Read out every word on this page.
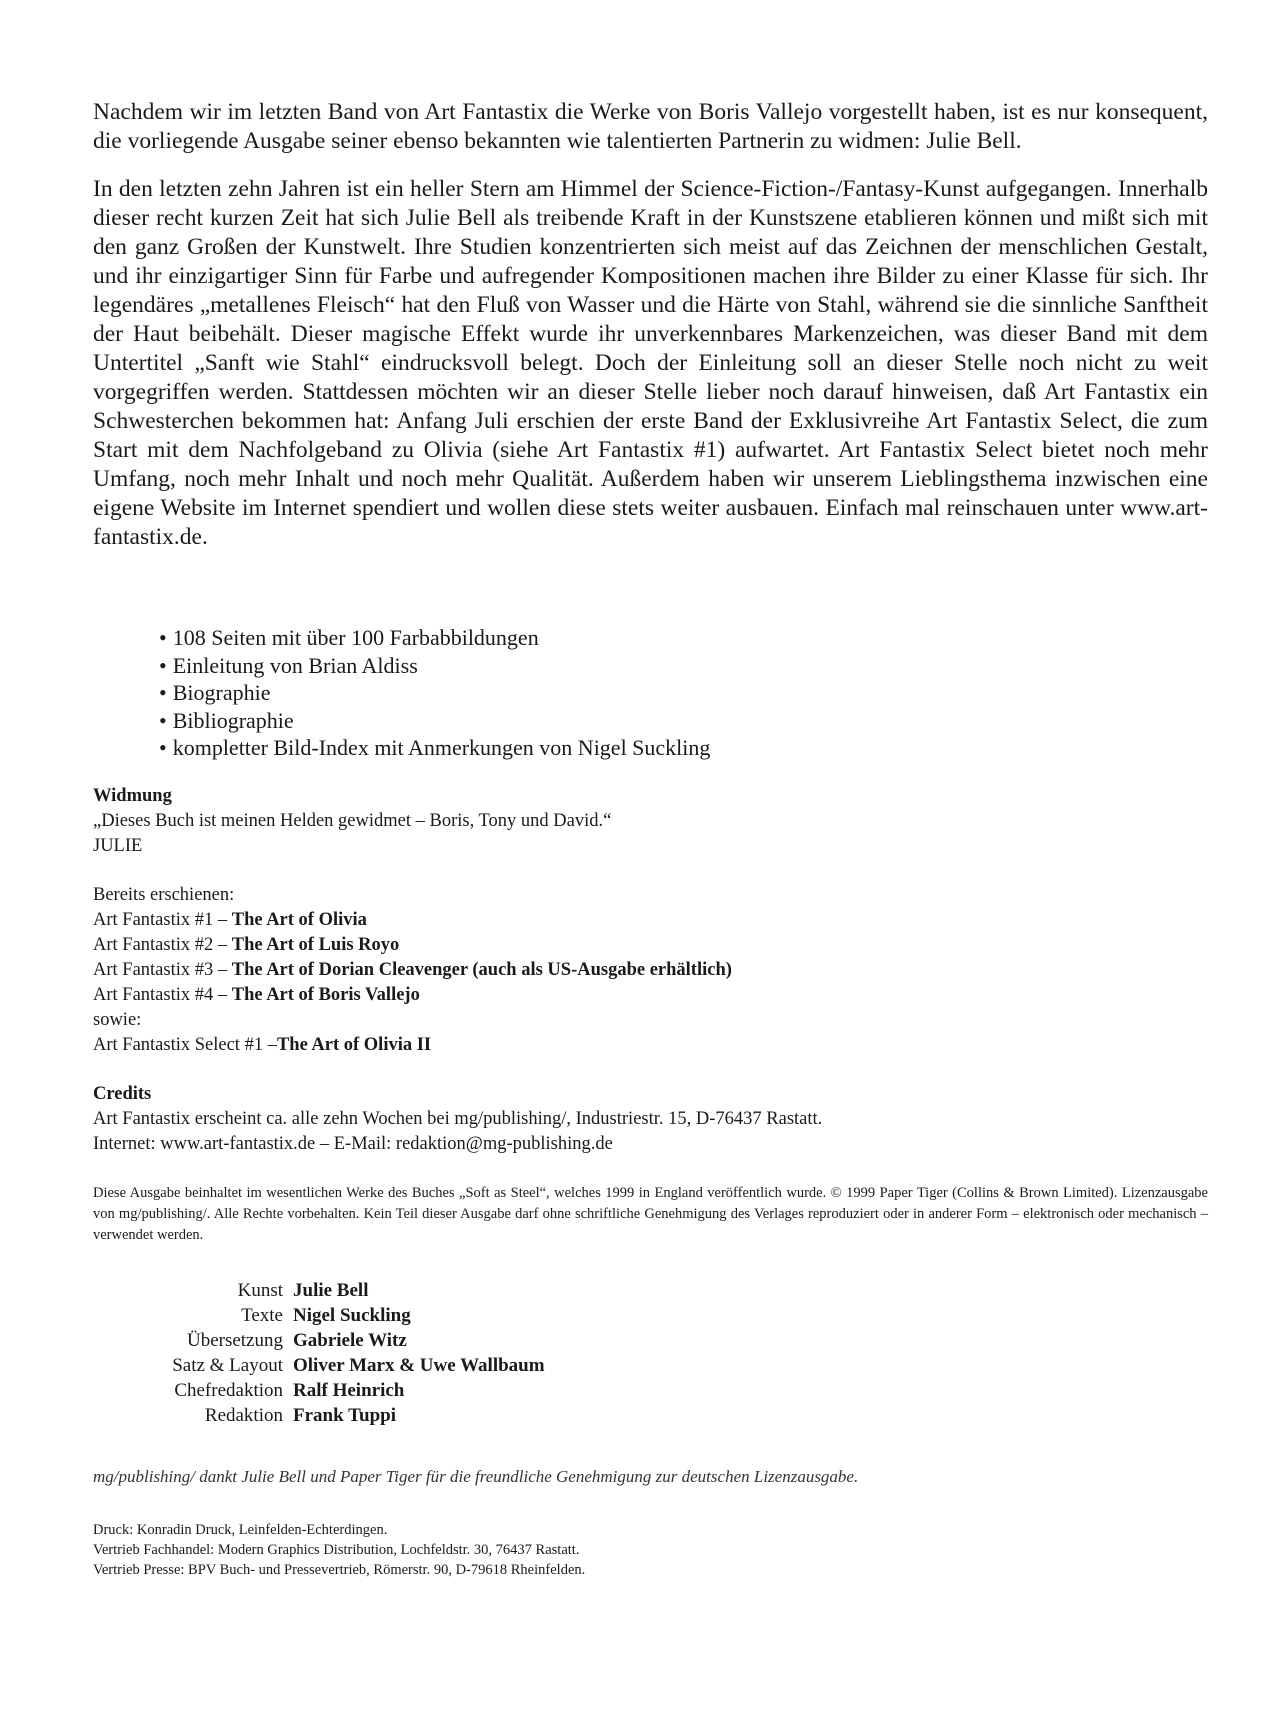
Nachdem wir im letzten Band von Art Fantastix die Werke von Boris Vallejo vorgestellt haben, ist es nur konsequent, die vorliegende Ausgabe seiner ebenso bekannten wie talentierten Partnerin zu widmen: Julie Bell.

In den letzten zehn Jahren ist ein heller Stern am Himmel der Science-Fiction-/Fantasy-Kunst aufgegangen. Innerhalb dieser recht kurzen Zeit hat sich Julie Bell als treibende Kraft in der Kunstszene etablieren können und mißt sich mit den ganz Großen der Kunstwelt. Ihre Studien konzentrierten sich meist auf das Zeichnen der menschlichen Gestalt, und ihr einzigartiger Sinn für Farbe und aufregender Kompositionen machen ihre Bilder zu einer Klasse für sich. Ihr legendäres „metallenes Fleisch“ hat den Fluß von Wasser und die Härte von Stahl, während sie die sinnliche Sanftheit der Haut beibehält. Dieser magische Effekt wurde ihr unverkennbares Markenzeichen, was dieser Band mit dem Untertitel „Sanft wie Stahl“ eindrucksvoll belegt. Doch der Einleitung soll an dieser Stelle noch nicht zu weit vorgegriffen werden. Stattdessen möchten wir an dieser Stelle lieber noch darauf hinweisen, daß Art Fantastix ein Schwesterchen bekommen hat: Anfang Juli erschien der erste Band der Exklusivreihe Art Fantastix Select, die zum Start mit dem Nachfolgeband zu Olivia (siehe Art Fantastix #1) aufwartet. Art Fantastix Select bietet noch mehr Umfang, noch mehr Inhalt und noch mehr Qualität. Außerdem haben wir unserem Lieblingsthema inzwischen eine eigene Website im Internet spendiert und wollen diese stets weiter ausbauen. Einfach mal reinschauen unter www.art-fantastix.de.

• 108 Seiten mit über 100 Farbabbildungen
• Einleitung von Brian Aldiss
• Biographie
• Bibliographie
• kompletter Bild-Index mit Anmerkungen von Nigel Suckling
Widmung
„Dieses Buch ist meinen Helden gewidmet – Boris, Tony und David.“
JULIE
Bereits erschienen:
Art Fantastix #1 – The Art of Olivia
Art Fantastix #2 – The Art of Luis Royo
Art Fantastix #3 – The Art of Dorian Cleavenger (auch als US-Ausgabe erhältlich)
Art Fantastix #4 – The Art of Boris Vallejo
sowie:
Art Fantastix Select #1 –The Art of Olivia II
Credits
Art Fantastix erscheint ca. alle zehn Wochen bei mg/publishing/, Industriestr. 15, D-76437 Rastatt.
Internet: www.art-fantastix.de – E-Mail: redaktion@mg-publishing.de
Diese Ausgabe beinhaltet im wesentlichen Werke des Buches „Soft as Steel“, welches 1999 in England veröffentlich wurde. © 1999 Paper Tiger (Collins & Brown Limited). Lizenzausgabe von mg/publishing/. Alle Rechte vorbehalten. Kein Teil dieser Ausgabe darf ohne schriftliche Genehmigung des Verlages reproduziert oder in anderer Form – elektronisch oder mechanisch – verwendet werden.
Kunst Julie Bell
Texte Nigel Suckling
Übersetzung Gabriele Witz
Satz & Layout Oliver Marx & Uwe Wallbaum
Chefredaktion Ralf Heinrich
Redaktion Frank Tuppi
mg/publishing/ dankt Julie Bell und Paper Tiger für die freundliche Genehmigung zur deutschen Lizenzausgabe.
Druck: Konradin Druck, Leinfelden-Echterdingen.
Vertrieb Fachhandel: Modern Graphics Distribution, Lochfeldstr. 30, 76437 Rastatt.
Vertrieb Presse: BPV Buch- und Pressevertrieb, Römerstr. 90, D-79618 Rheinfelden.
